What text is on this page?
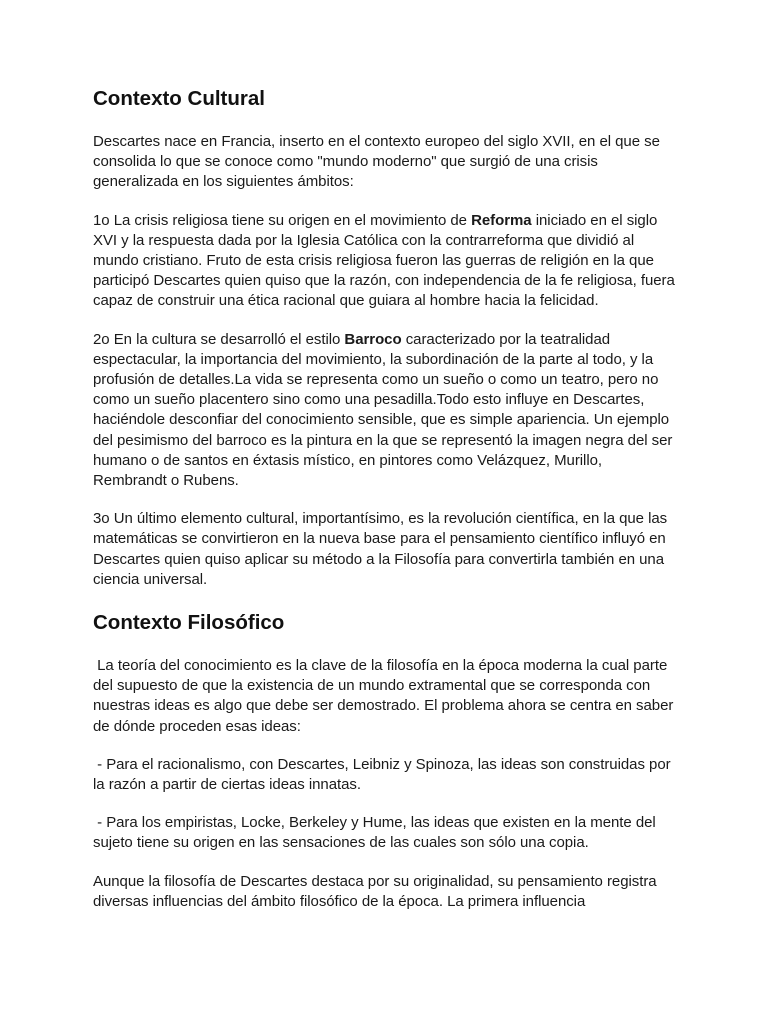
Contexto Cultural

Descartes nace en Francia, inserto en el contexto europeo del siglo XVII, en el que se consolida lo que se conoce como "mundo moderno" que surgió de una crisis generalizada en los siguientes ámbitos:

1o La crisis religiosa tiene su origen en el movimiento de Reforma iniciado en el siglo XVI y la respuesta dada por la Iglesia Católica con la contrarreforma que dividió al mundo cristiano. Fruto de esta crisis religiosa fueron las guerras de religión en la que participó Descartes quien quiso que la razón, con independencia de la fe religiosa, fuera capaz de construir una ética racional que guiara al hombre hacia la felicidad.

2o En la cultura se desarrolló el estilo Barroco caracterizado por la teatralidad espectacular, la importancia del movimiento, la subordinación de la parte al todo, y la profusión de detalles.La vida se representa como un sueño o como un teatro, pero no como un sueño placentero sino como una pesadilla.Todo esto influye en Descartes, haciéndole desconfiar del conocimiento sensible, que es simple apariencia. Un ejemplo del pesimismo del barroco es la pintura en la que se representó la imagen negra del ser humano o de santos en éxtasis místico, en pintores como Velázquez, Murillo, Rembrandt o Rubens.

3o Un último elemento cultural, importantísimo, es la revolución científica, en la que las matemáticas se convirtieron en la nueva base para el pensamiento científico influyó en Descartes quien quiso aplicar su método a la Filosofía para convertirla también en una ciencia universal.

Contexto Filosófico

La teoría del conocimiento es la clave de la filosofía en la época moderna la cual parte del supuesto de que la existencia de un mundo extramental que se corresponda con nuestras ideas es algo que debe ser demostrado. El problema ahora se centra en saber de dónde proceden esas ideas:

- Para el racionalismo, con Descartes, Leibniz y Spinoza, las ideas son construidas por la razón a partir de ciertas ideas innatas.

- Para los empiristas, Locke, Berkeley y Hume, las ideas que existen en la mente del sujeto tiene su origen en las sensaciones de las cuales son sólo una copia.

Aunque la filosofía de Descartes destaca por su originalidad, su pensamiento registra diversas influencias del ámbito filosófico de la época. La primera influencia
